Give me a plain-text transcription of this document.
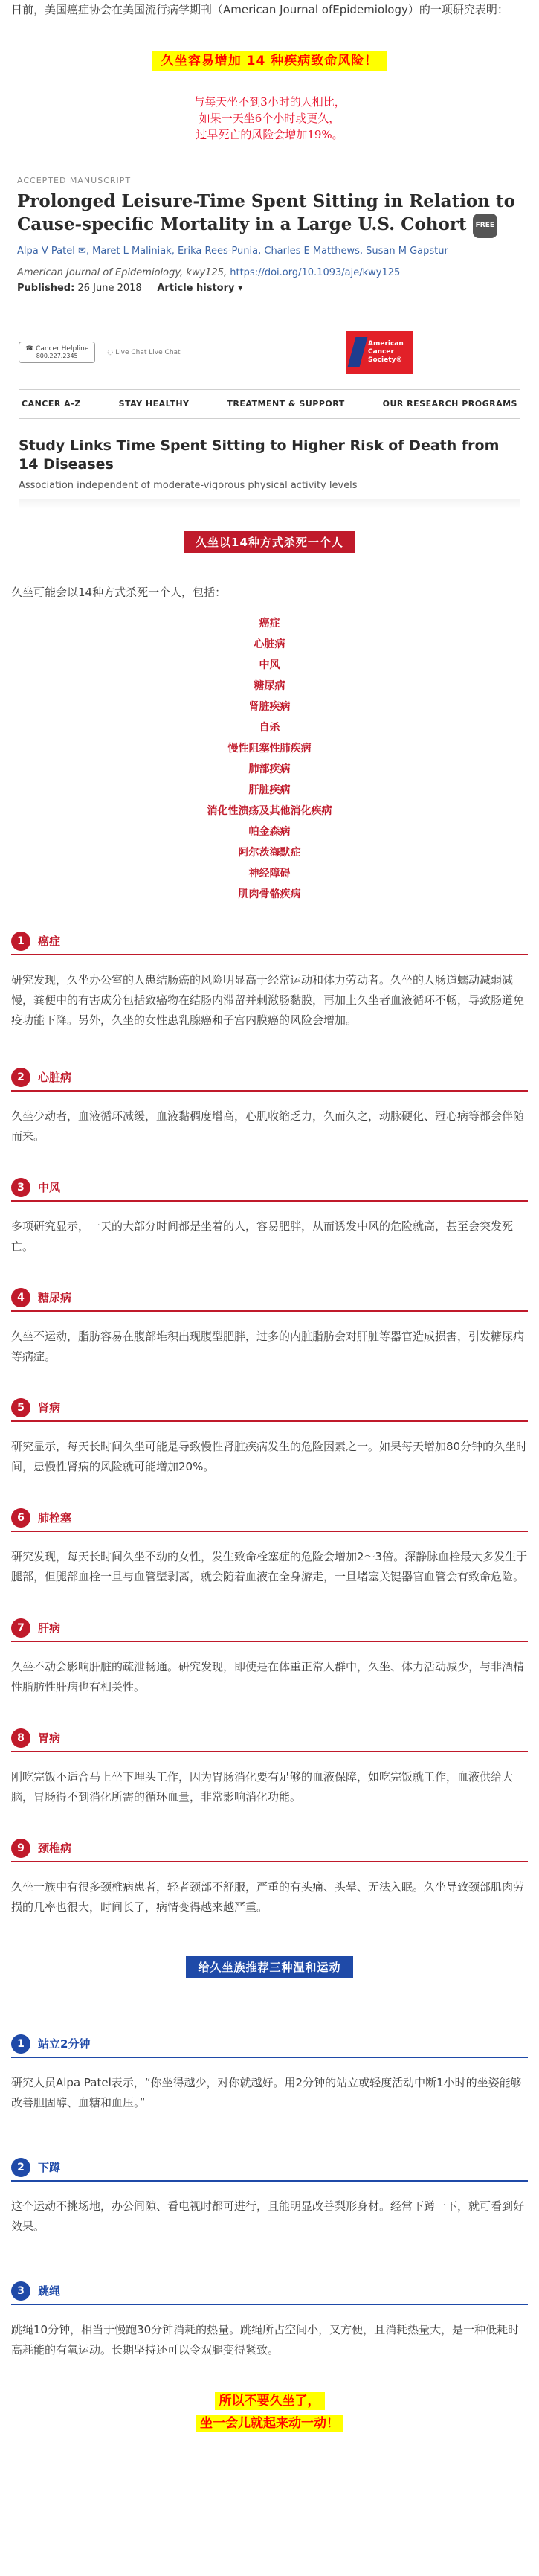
日前，美国癌症协会在美国流行病学期刊（American Journal ofEpidemiology）的一项研究表明：

久坐容易增加 14 种疾病致命风险！
与每天坐不到3小时的人相比，
如果一天坐6个小时或更久，
过早死亡的风险会增加19%。
ACCEPTED MANUSCRIPT
Prolonged Leisure-Time Spent Sitting in Relation to Cause-specific Mortality in a Large U.S. Cohort FREE
Alpa V Patel ✉, Maret L Maliniak, Erika Rees-Punia, Charles E Matthews, Susan M Gapstur
American Journal of Epidemiology, kwy125, https://doi.org/10.1093/aje/kwy125
Published: 26 June 2018 Article history ▾
☎ Cancer Helpline
800.227.2345	◌ Live Chat Live Chat
American
Cancer
Society®
CANCER A-Z	STAY HEALTHY	TREATMENT & SUPPORT	OUR RESEARCH PROGRAMS
Study Links Time Spent Sitting to Higher Risk of Death from 14 Diseases
Association independent of moderate-vigorous physical activity levels
久坐以14种方式杀死一个人

久坐可能会以14种方式杀死一个人，包括：

癌症
心脏病
中风
糖尿病
肾脏疾病
自杀
慢性阻塞性肺疾病
肺部疾病
肝脏疾病
消化性溃疡及其他消化疾病
帕金森病
阿尔茨海默症
神经障碍
肌肉骨骼疾病
1	癌症

研究发现，久坐办公室的人患结肠癌的风险明显高于经常运动和体力劳动者。久坐的人肠道蠕动减弱减慢，粪便中的有害成分包括致癌物在结肠内滞留并刺激肠黏膜，再加上久坐者血液循环不畅，导致肠道免疫功能下降。另外，久坐的女性患乳腺癌和子宫内膜癌的风险会增加。

2	心脏病

久坐少动者，血液循环减缓，血液黏稠度增高，心肌收缩乏力，久而久之，动脉硬化、冠心病等都会伴随而来。

3	中风

多项研究显示，一天的大部分时间都是坐着的人，容易肥胖，从而诱发中风的危险就高，甚至会突发死亡。

4	糖尿病

久坐不运动，脂肪容易在腹部堆积出现腹型肥胖，过多的内脏脂肪会对肝脏等器官造成损害，引发糖尿病等病症。

5	肾病

研究显示，每天长时间久坐可能是导致慢性肾脏疾病发生的危险因素之一。如果每天增加80分钟的久坐时间，患慢性肾病的风险就可能增加20%。

6	肺栓塞

研究发现，每天长时间久坐不动的女性，发生致命栓塞症的危险会增加2～3倍。深静脉血栓最大多发生于腿部，但腿部血栓一旦与血管壁剥离，就会随着血液在全身游走，一旦堵塞关键器官血管会有致命危险。

7	肝病

久坐不动会影响肝脏的疏泄畅通。研究发现，即使是在体重正常人群中，久坐、体力活动减少，与非酒精性脂肪性肝病也有相关性。

8	胃病

刚吃完饭不适合马上坐下埋头工作，因为胃肠消化要有足够的血液保障，如吃完饭就工作，血液供给大脑，胃肠得不到消化所需的循环血量，非常影响消化功能。

9	颈椎病

久坐一族中有很多颈椎病患者，轻者颈部不舒服，严重的有头痛、头晕、无法入眠。久坐导致颈部肌肉劳损的几率也很大，时间长了，病情变得越来越严重。

给久坐族推荐三种温和运动
1	站立2分钟

研究人员Alpa Patel表示，“你坐得越少，对你就越好。用2分钟的站立或轻度活动中断1小时的坐姿能够改善胆固醇、血糖和血压。”

2	下蹲

这个运动不挑场地，办公间隙、看电视时都可进行，且能明显改善梨形身材。经常下蹲一下，就可看到好效果。

3	跳绳

跳绳10分钟，相当于慢跑30分钟消耗的热量。跳绳所占空间小，又方便，且消耗热量大，是一种低耗时高耗能的有氧运动。长期坚持还可以令双腿变得紧致。

所以不要久坐了，
坐一会儿就起来动一动！
